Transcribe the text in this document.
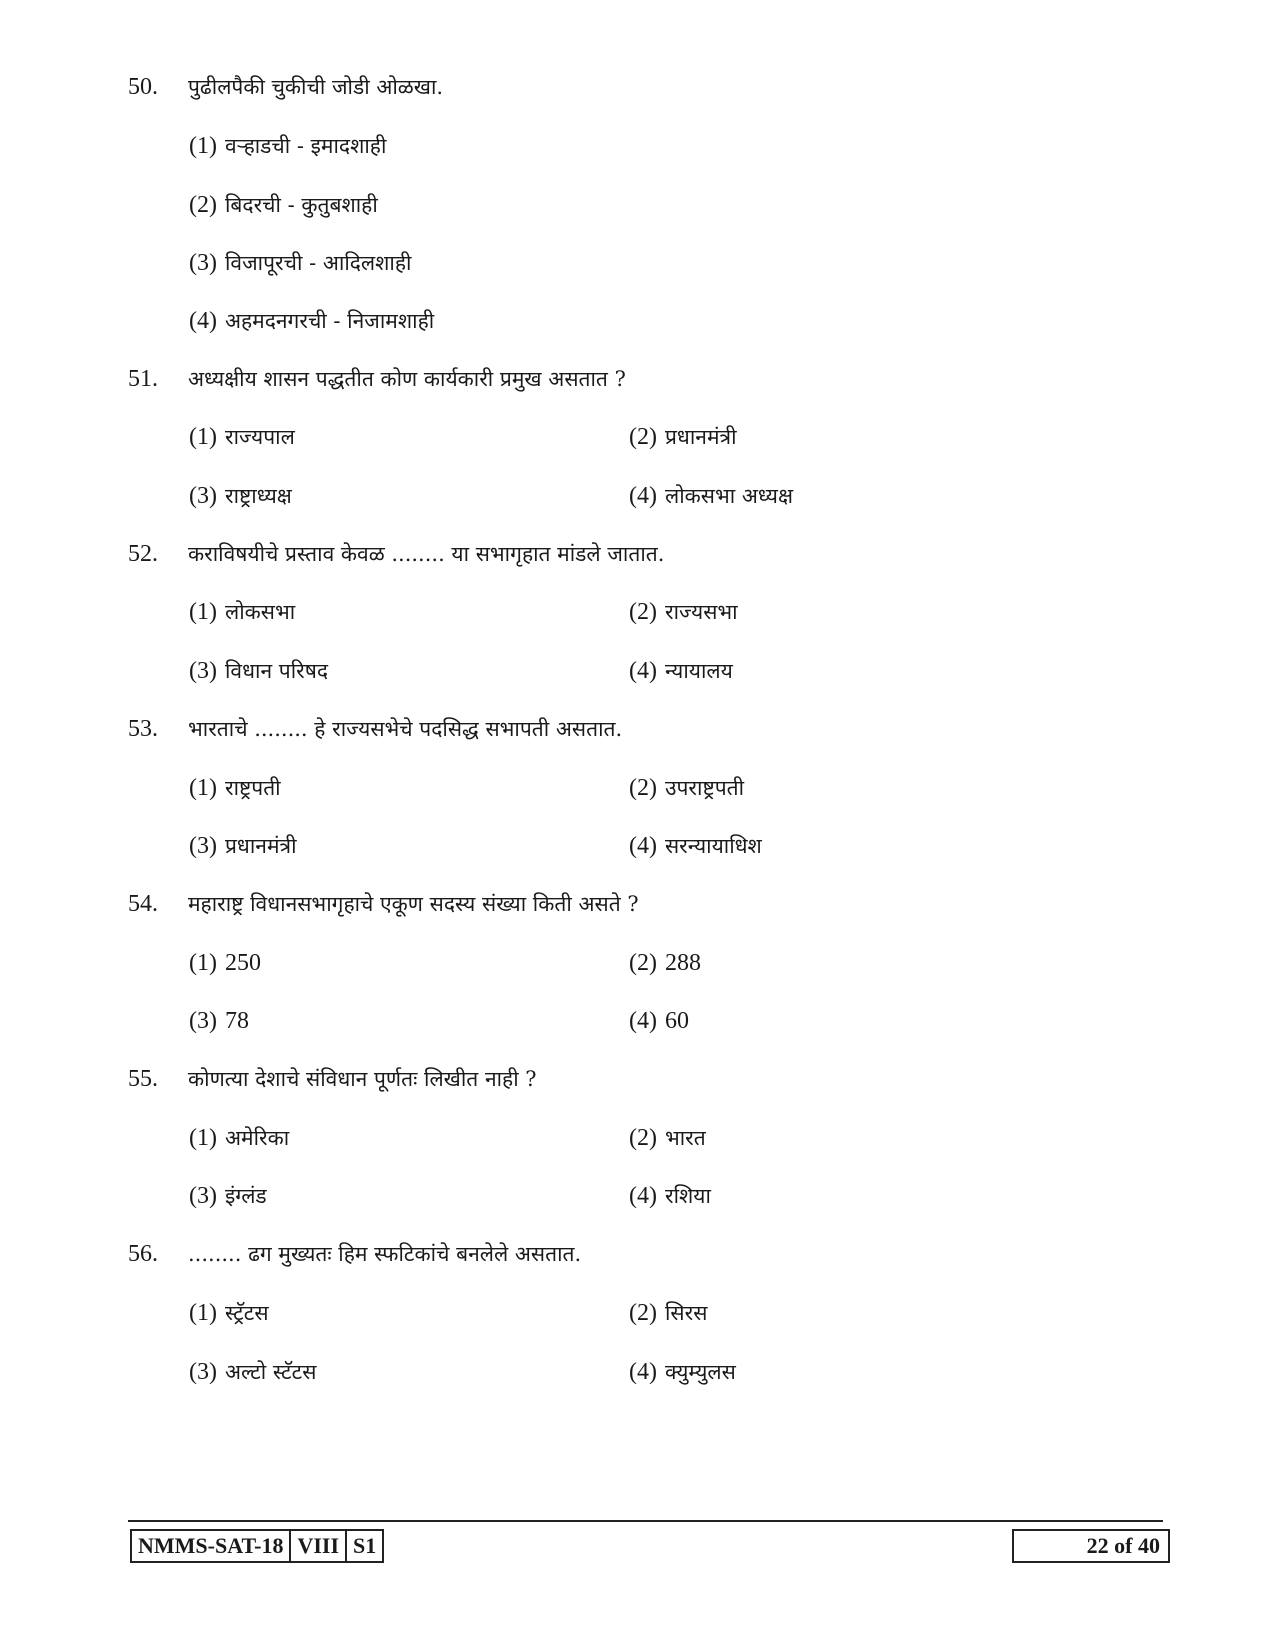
50. पुढीलपैकी चुकीची जोडी ओळखा.
(1) वऱ्हाडची - इमादशाही
(2) बिदरची - कुतुबशाही
(3) विजापूरची - आदिलशाही
(4) अहमदनगरची - निजामशाही
51. अध्यक्षीय शासन पद्धतीत कोण कार्यकारी प्रमुख असतात ?
(1) राज्यपाल	(2) प्रधानमंत्री
(3) राष्ट्राध्यक्ष	(4) लोकसभा अध्यक्ष
52. कराविषयीचे प्रस्ताव केवळ ........ या सभागृहात मांडले जातात.
(1) लोकसभा	(2) राज्यसभा
(3) विधान परिषद	(4) न्यायालय
53. भारताचे ........ हे राज्यसभेचे पदसिद्ध सभापती असतात.
(1) राष्ट्रपती	(2) उपराष्ट्रपती
(3) प्रधानमंत्री	(4) सरन्यायाधिश
54. महाराष्ट्र विधानसभागृहाचे एकूण सदस्य संख्या किती असते ?
(1) 250	(2) 288
(3) 78	(4) 60
55. कोणत्या देशाचे संविधान पूर्णतः लिखीत नाही ?
(1) अमेरिका	(2) भारत
(3) इंग्लंड	(4) रशिया
56. ........ ढग मुख्यतः हिम स्फटिकांचे बनलेले असतात.
(1) स्ट्रॅटस	(2) सिरस
(3) अल्टो स्टॅटस	(4) क्युम्युलस
NMMS-SAT-18 VIII S1	22 of 40
